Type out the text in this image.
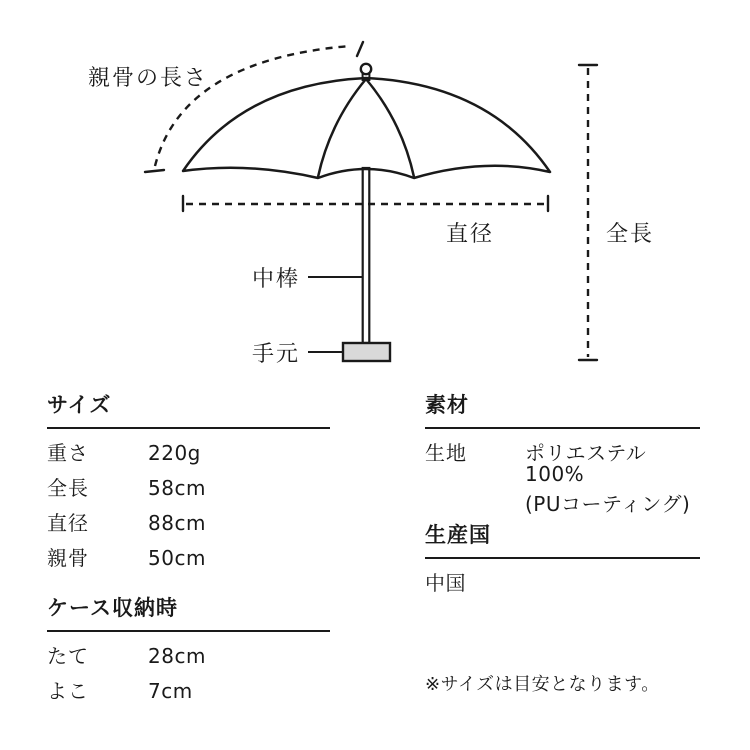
親骨の長さ
直径	全長
中棒
手元
サイズ
重さ	220g
全長	58cm
直径	88cm
親骨	50cm
ケース収納時
たて	28cm
よこ	7cm
素材
生地	ポリエステル100%
(PUコーティング)
生産国
中国
※サイズは目安となります。
